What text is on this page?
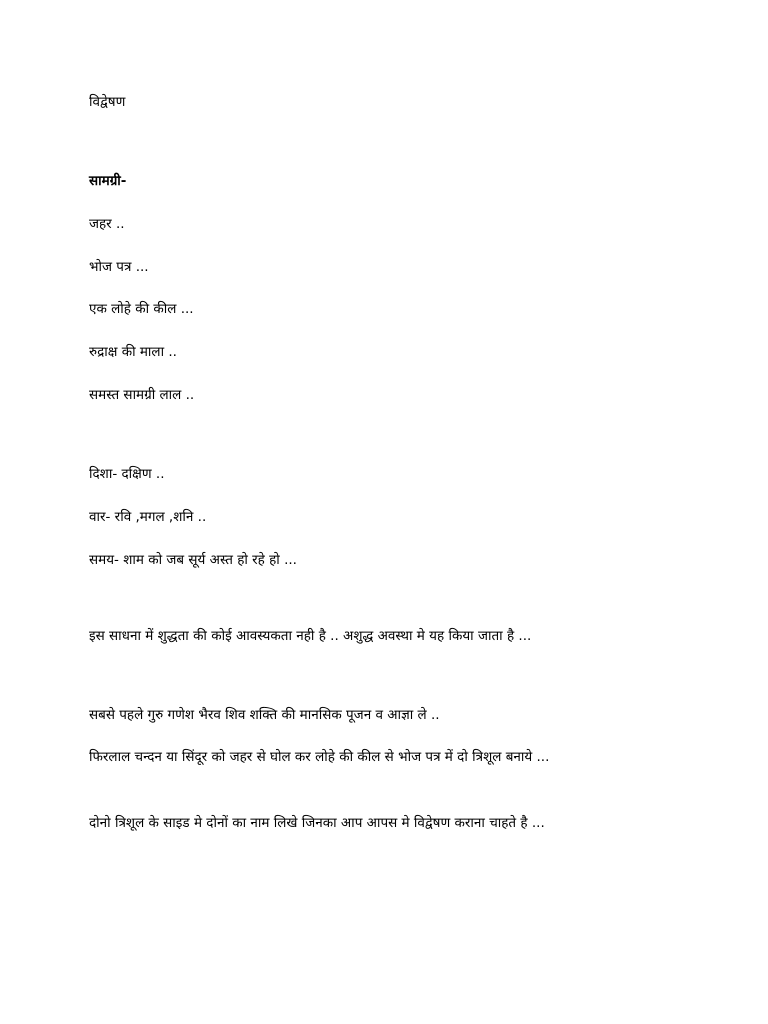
विद्वेषण
सामग्री-
जहर ..
भोज पत्र ...
एक लोहे की कील ...
रुद्राक्ष की माला ..
समस्त सामग्री लाल ..
दिशा- दक्षिण ..
वार- रवि ,मगल ,शनि ..
समय- शाम को जब सूर्य अस्त हो रहे हो ...
इस साधना में शुद्धता की कोई आवस्यकता नही है .. अशुद्ध अवस्था मे यह किया जाता है ...
सबसे पहले गुरु गणेश भैरव शिव शक्ति की मानसिक पूजन व आज्ञा ले ..
फिरलाल चन्दन या सिंदूर को जहर से घोल कर लोहे की कील से भोज पत्र में दो त्रिशूल बनाये ...
दोनो त्रिशूल के साइड मे दोनों का नाम लिखे जिनका आप आपस मे विद्वेषण कराना चाहते है ...
